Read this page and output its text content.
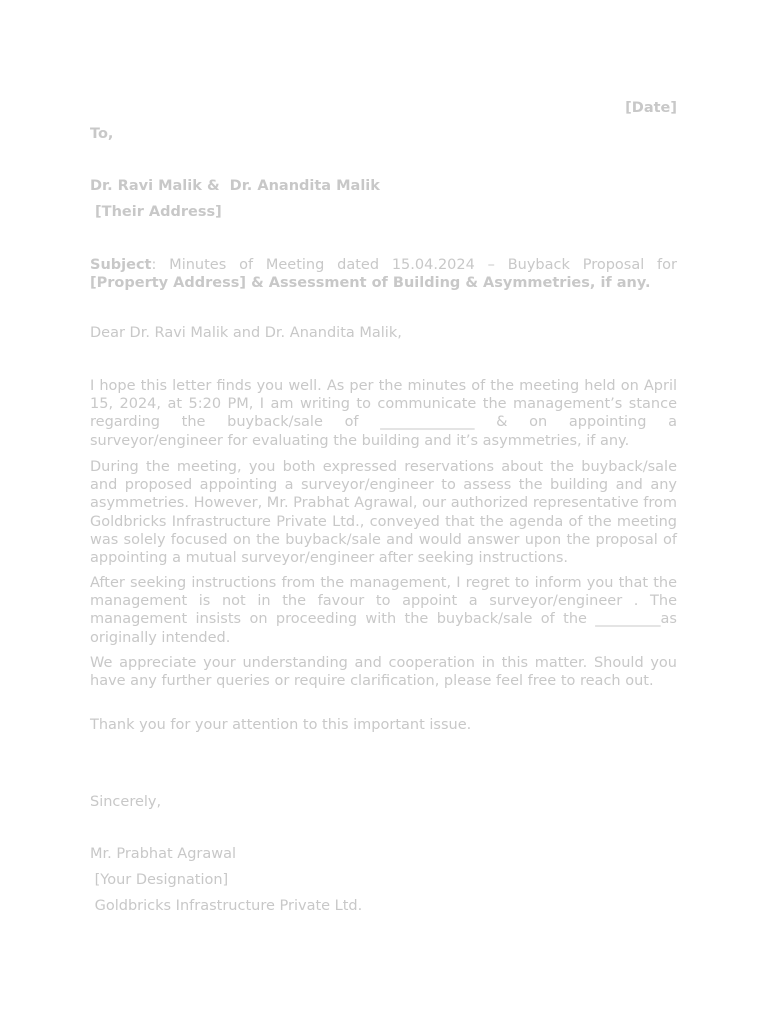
[Date]
To,
Dr. Ravi Malik &  Dr. Anandita Malik
[Their Address]
Subject: Minutes of Meeting dated 15.04.2024 – Buyback Proposal for
[Property Address] & Assessment of Building & Asymmetries, if any.
Dear Dr. Ravi Malik and Dr. Anandita Malik,

I hope this letter finds you well. As per the minutes of the meeting held on April 15, 2024, at 5:20 PM, I am writing to communicate the management’s stance regarding the buyback/sale of _____________ & on appointing a surveyor/engineer for evaluating the building and it’s asymmetries, if any.

During the meeting, you both expressed reservations about the buyback/sale and proposed appointing a surveyor/engineer to assess the building and any asymmetries. However, Mr. Prabhat Agrawal, our authorized representative from Goldbricks Infrastructure Private Ltd., conveyed that the agenda of the meeting was solely focused on the buyback/sale and would answer upon the proposal of appointing a mutual surveyor/engineer after seeking instructions.

After seeking instructions from the management, I regret to inform you that the management is not in the favour to appoint a surveyor/engineer . The management insists on proceeding with the buyback/sale of the _________as originally intended.

We appreciate your understanding and cooperation in this matter. Should you have any further queries or require clarification, please feel free to reach out.

Thank you for your attention to this important issue.

Sincerely,
Mr. Prabhat Agrawal
[Your Designation]
Goldbricks Infrastructure Private Ltd.
